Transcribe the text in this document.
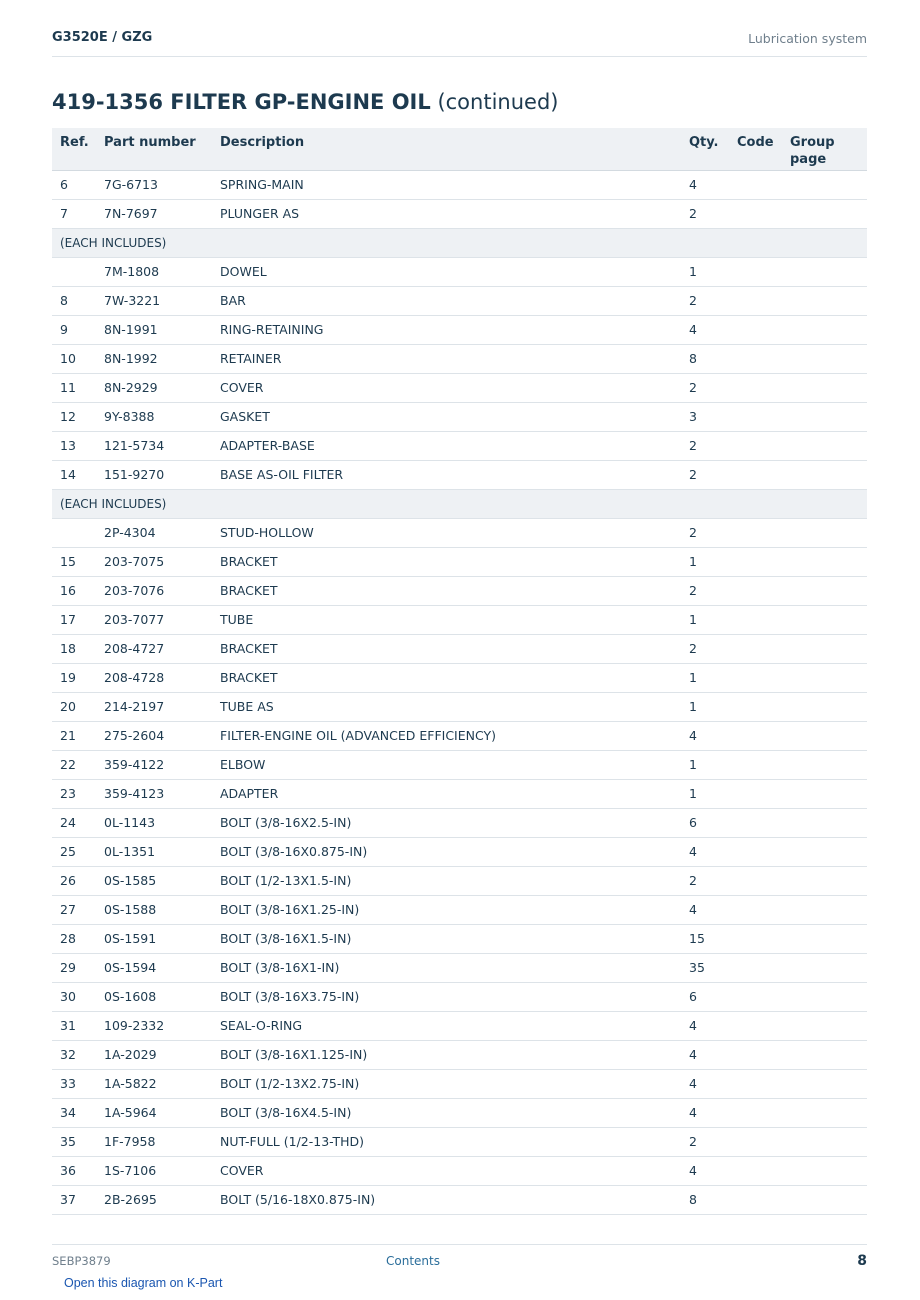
G3520E / GZG	Lubrication system
419-1356 FILTER GP-ENGINE OIL (continued)
Ref.	Part number	Description	Qty.	Code	Group page
6	7G-6713	SPRING-MAIN	4		
7	7N-7697	PLUNGER AS	2		
(EACH INCLUDES)					
	7M-1808	DOWEL	1		
8	7W-3221	BAR	2		
9	8N-1991	RING-RETAINING	4		
10	8N-1992	RETAINER	8		
11	8N-2929	COVER	2		
12	9Y-8388	GASKET	3		
13	121-5734	ADAPTER-BASE	2		
14	151-9270	BASE AS-OIL FILTER	2		
(EACH INCLUDES)					
	2P-4304	STUD-HOLLOW	2		
15	203-7075	BRACKET	1		
16	203-7076	BRACKET	2		
17	203-7077	TUBE	1		
18	208-4727	BRACKET	2		
19	208-4728	BRACKET	1		
20	214-2197	TUBE AS	1		
21	275-2604	FILTER-ENGINE OIL (ADVANCED EFFICIENCY)	4		
22	359-4122	ELBOW	1		
23	359-4123	ADAPTER	1		
24	0L-1143	BOLT (3/8-16X2.5-IN)	6		
25	0L-1351	BOLT (3/8-16X0.875-IN)	4		
26	0S-1585	BOLT (1/2-13X1.5-IN)	2		
27	0S-1588	BOLT (3/8-16X1.25-IN)	4		
28	0S-1591	BOLT (3/8-16X1.5-IN)	15		
29	0S-1594	BOLT (3/8-16X1-IN)	35		
30	0S-1608	BOLT (3/8-16X3.75-IN)	6		
31	109-2332	SEAL-O-RING	4		
32	1A-2029	BOLT (3/8-16X1.125-IN)	4		
33	1A-5822	BOLT (1/2-13X2.75-IN)	4		
34	1A-5964	BOLT (3/8-16X4.5-IN)	4		
35	1F-7958	NUT-FULL (1/2-13-THD)	2		
36	1S-7106	COVER	4		
37	2B-2695	BOLT (5/16-18X0.875-IN)	8		
SEBP3879	Contents	8
Open this diagram on K-Part
